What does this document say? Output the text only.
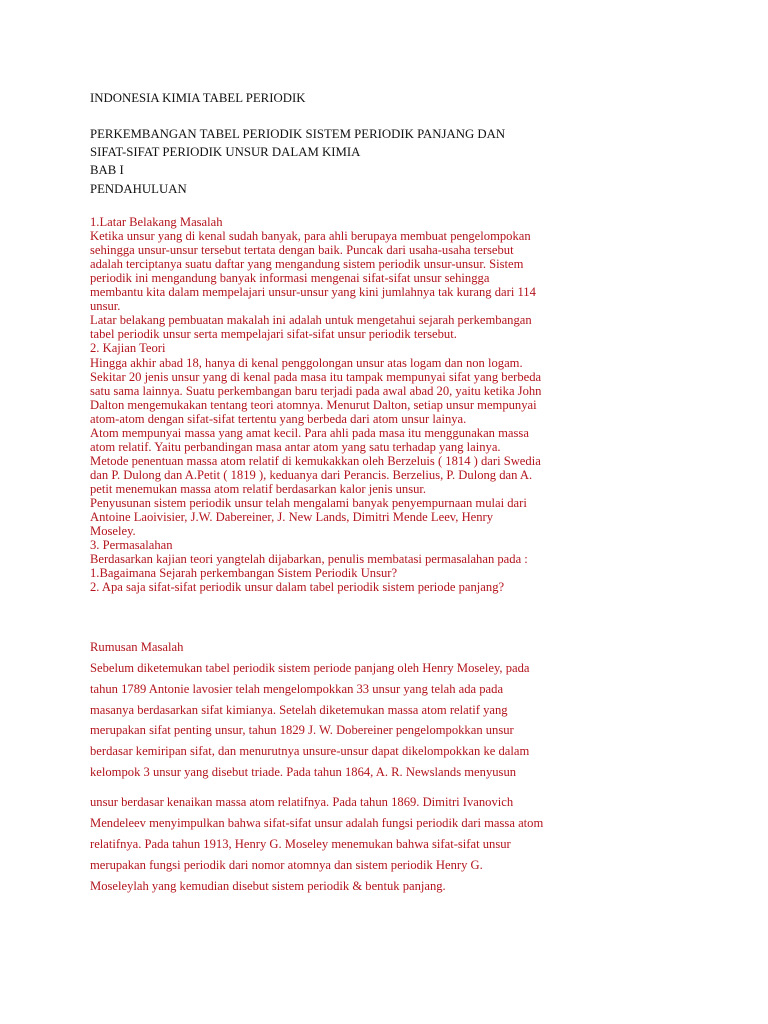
INDONESIA KIMIA TABEL PERIODIK
PERKEMBANGAN TABEL PERIODIK SISTEM PERIODIK PANJANG DAN
SIFAT-SIFAT PERIODIK UNSUR DALAM KIMIA
BAB I
PENDAHULUAN
1.Latar Belakang Masalah
Ketika unsur yang di kenal sudah banyak, para ahli berupaya membuat pengelompokan
sehingga unsur-unsur tersebut tertata dengan baik. Puncak dari usaha-usaha tersebut
adalah terciptanya suatu daftar yang mengandung sistem periodik unsur-unsur. Sistem
periodik ini mengandung banyak informasi mengenai sifat-sifat unsur sehingga
membantu kita dalam mempelajari unsur-unsur yang kini jumlahnya tak kurang dari 114
unsur.
Latar belakang pembuatan makalah ini adalah untuk mengetahui sejarah perkembangan
tabel periodik unsur serta mempelajari sifat-sifat unsur periodik tersebut.
2. Kajian Teori
Hingga akhir abad 18, hanya di kenal penggolongan unsur atas logam dan non logam.
Sekitar 20 jenis unsur yang di kenal pada masa itu tampak mempunyai sifat yang berbeda
satu sama lainnya. Suatu perkembangan baru terjadi pada awal abad 20, yaitu ketika John
Dalton mengemukakan tentang teori atomnya. Menurut Dalton, setiap unsur mempunyai
atom-atom dengan sifat-sifat tertentu yang berbeda dari atom unsur lainya.
Atom mempunyai massa yang amat kecil. Para ahli pada masa itu menggunakan massa
atom relatif. Yaitu perbandingan masa antar atom yang satu terhadap yang lainya.
Metode penentuan massa atom relatif di kemukakkan oleh Berzeluis ( 1814 ) dari Swedia
dan P. Dulong dan A.Petit ( 1819 ), keduanya dari Perancis. Berzelius, P. Dulong dan A.
petit menemukan massa atom relatif berdasarkan kalor jenis unsur.
Penyusunan sistem periodik unsur telah mengalami banyak penyempurnaan mulai dari
Antoine Laoivisier, J.W. Dabereiner, J. New Lands, Dimitri Mende Leev, Henry
Moseley.
3. Permasalahan
Berdasarkan kajian teori yangtelah dijabarkan, penulis membatasi permasalahan pada :
1.Bagaimana Sejarah perkembangan Sistem Periodik Unsur?
2. Apa saja sifat-sifat periodik unsur dalam tabel periodik sistem periode panjang?
Rumusan Masalah
Sebelum diketemukan tabel periodik sistem periode panjang oleh Henry Moseley, pada
tahun 1789 Antonie lavosier telah mengelompokkan 33 unsur yang telah ada pada
masanya berdasarkan sifat kimianya. Setelah diketemukan massa atom relatif yang
merupakan sifat penting unsur, tahun 1829 J. W. Dobereiner pengelompokkan unsur
berdasar kemiripan sifat, dan menurutnya unsure-unsur dapat dikelompokkan ke dalam
kelompok 3 unsur yang disebut triade. Pada tahun 1864, A. R. Newslands menyusun
unsur berdasar kenaikan massa atom relatifnya. Pada tahun 1869. Dimitri Ivanovich
Mendeleev menyimpulkan bahwa sifat-sifat unsur adalah fungsi periodik dari massa atom
relatifnya. Pada tahun 1913, Henry G. Moseley menemukan bahwa sifat-sifat unsur
merupakan fungsi periodik dari nomor atomnya dan sistem periodik Henry G.
Moseleylah yang kemudian disebut sistem periodik & bentuk panjang.
